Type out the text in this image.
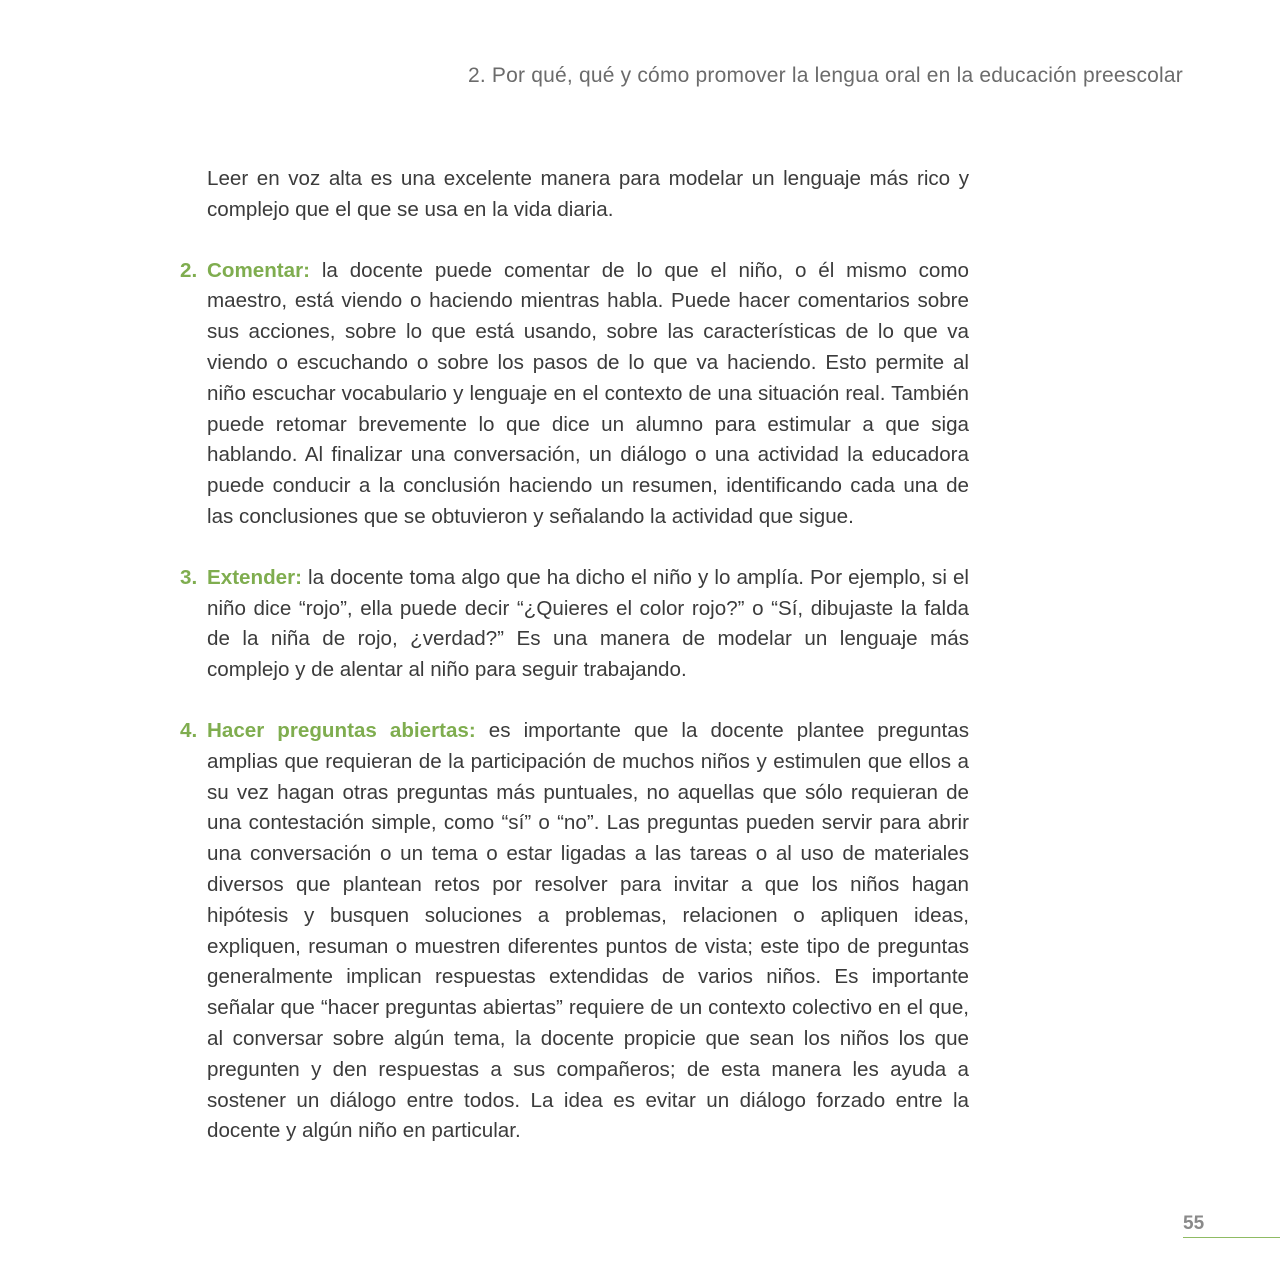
2. Por qué, qué y cómo promover la lengua oral en la educación preescolar

Leer en voz alta es una excelente manera para modelar un lenguaje más rico y complejo que el que se usa en la vida diaria.

2. Comentar: la docente puede comentar de lo que el niño, o él mismo como maestro, está viendo o haciendo mientras habla. Puede hacer comentarios sobre sus acciones, sobre lo que está usando, sobre las características de lo que va viendo o escuchando o sobre los pasos de lo que va haciendo. Esto permite al niño escuchar vocabulario y lenguaje en el contexto de una situación real. También puede retomar brevemente lo que dice un alumno para estimular a que siga hablando. Al finalizar una conversación, un diálogo o una actividad la educadora puede conducir a la conclusión haciendo un resumen, identificando cada una de las conclusiones que se obtuvieron y señalando la actividad que sigue.

3. Extender: la docente toma algo que ha dicho el niño y lo amplía. Por ejemplo, si el niño dice “rojo”, ella puede decir “¿Quieres el color rojo?” o “Sí, dibujaste la falda de la niña de rojo, ¿verdad?” Es una manera de modelar un lenguaje más complejo y de alentar al niño para seguir trabajando.

4. Hacer preguntas abiertas: es importante que la docente plantee preguntas amplias que requieran de la participación de muchos niños y estimulen que ellos a su vez hagan otras preguntas más puntuales, no aquellas que sólo requieran de una contestación simple, como “sí” o “no”. Las preguntas pueden servir para abrir una conversación o un tema o estar ligadas a las tareas o al uso de materiales diversos que plantean retos por resolver para invitar a que los niños hagan hipótesis y busquen soluciones a problemas, relacionen o apliquen ideas, expliquen, resuman o muestren diferentes puntos de vista; este tipo de preguntas generalmente implican respuestas extendidas de varios niños. Es importante señalar que “hacer preguntas abiertas” requiere de un contexto colectivo en el que, al conversar sobre algún tema, la docente propicie que sean los niños los que pregunten y den respuestas a sus compañeros; de esta manera les ayuda a sostener un diálogo entre todos. La idea es evitar un diálogo forzado entre la docente y algún niño en particular.

55
